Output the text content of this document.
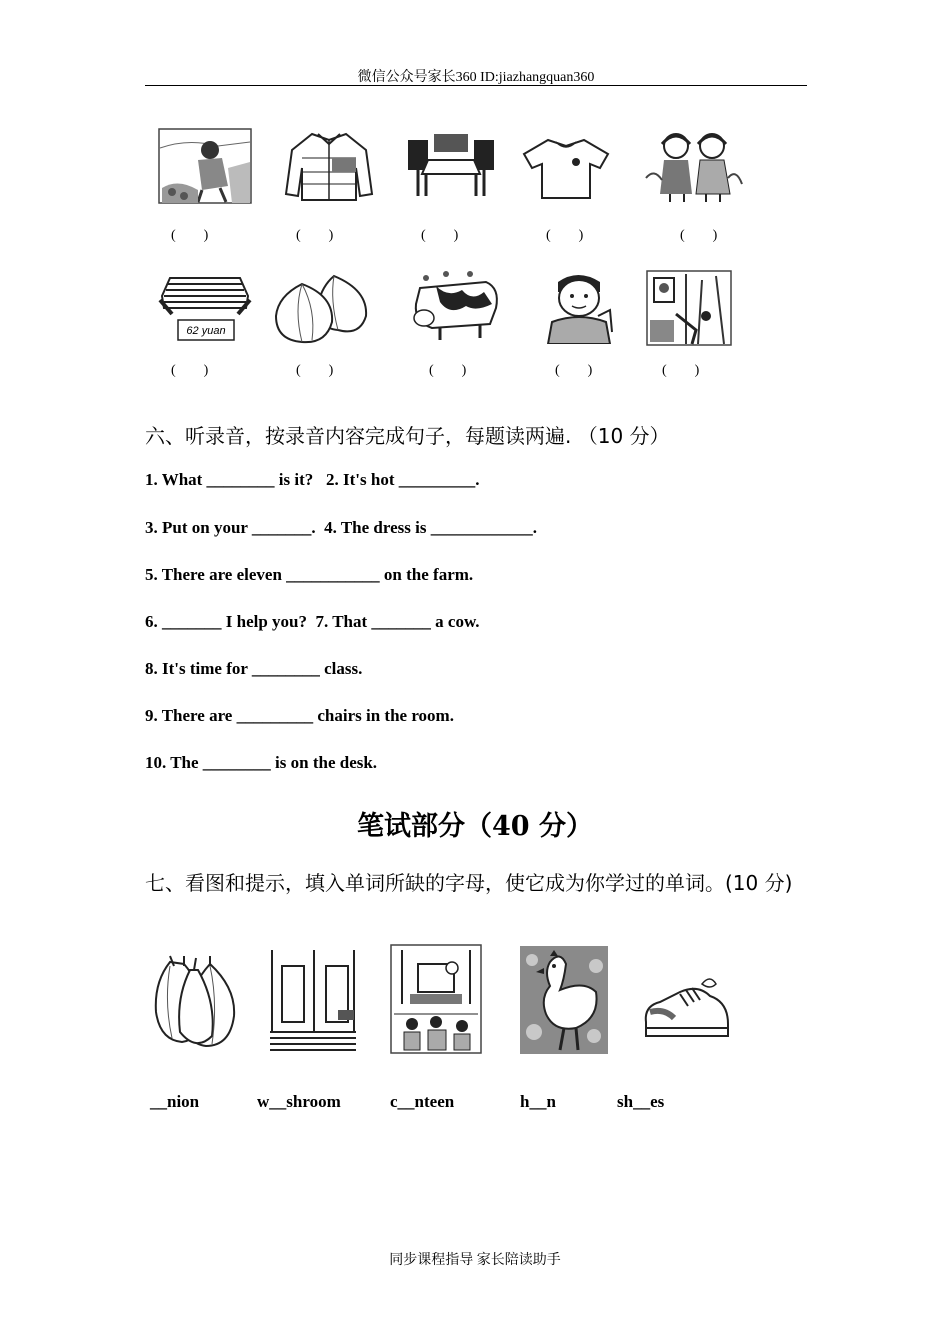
微信公众号家长360 ID:jiazhangquan360
(        )	(        )	(        )	(        )	(        )
62 yuan
(        )	(        )	(        )	(        )	(        )
六、听录音，按录音内容完成句子，每题读两遍. （10 分）
1. What ________ is it?   2. It's hot _________.
3. Put on your _______.  4. The dress is ____________.
5. There are eleven ___________ on the farm.
6. _______ I help you?  7. That _______ a cow.
8. It's time for ________ class.
9. There are _________ chairs in the room.
10. The ________ is on the desk.
笔试部分（40 分）
七、看图和提示，填入单词所缺的字母，使它成为你学过的单词。(10 分)
__nion	w__shroom	c__nteen	h__n	sh__es
同步课程指导 家长陪读助手
